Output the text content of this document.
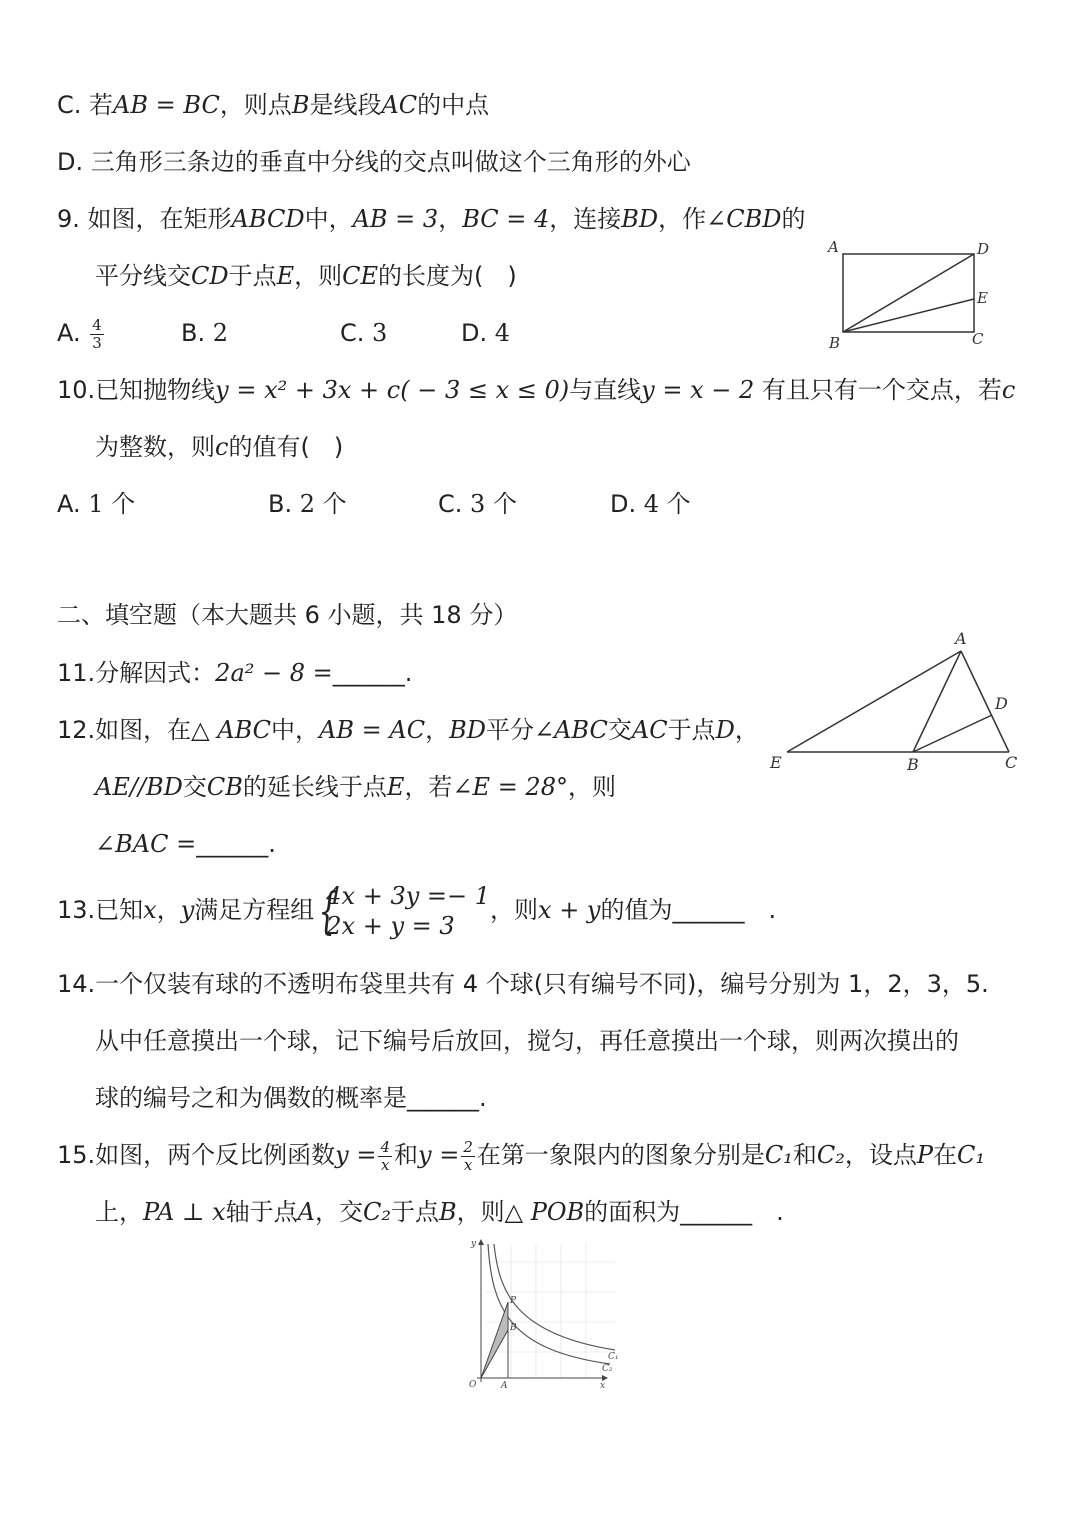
C. 若AB = BC，则点B是线段AC的中点
D. 三角形三条边的垂直中分线的交点叫做这个三角形的外心
9. 如图，在矩形ABCD中，AB = 3，BC = 4，连接BD，作∠CBD的
平分线交CD于点E，则CE的长度为(　)
A. $\frac{4}{3}$	B. 2	C. 3	D. 4
A	D
E
B	C
10.已知抛物线y = x² + 3x + c( − 3 ≤ x ≤ 0)与直线y = x − 2 有且只有一个交点，若c
为整数，则c的值有(　)
A. 1 个	B. 2 个	C. 3 个	D. 4 个
二、填空题（本大题共 6 小题，共 18 分）
11.分解因式：2a² − 8 =______.
12.如图，在△ ABC中，AB = AC，BD平分∠ABC交AC于点D，
AE//BD交CB的延长线于点E，若∠E = 28°，则
∠BAC =______.
A
D
E	B	C
13.已知x，y满足方程组 {
4x + 3y =− 1
2x + y = 3
，则x + y的值为______　 .
14.一个仅装有球的不透明布袋里共有 4 个球(只有编号不同)，编号分别为 1，2，3，5.
从中任意摸出一个球，记下编号后放回，搅匀，再任意摸出一个球，则两次摸出的
球的编号之和为偶数的概率是______.
15.如图，两个反比例函数$y = \frac{4}{x}$ 和$y = \frac{2}{x}$ 在第一象限内的图象分别是C₁和C₂，设点P在C₁
上，PA ⊥ x轴于点A，交C₂于点B，则△ POB的面积为______　 .
y
x
O	A
P
B
C₁
C₂
